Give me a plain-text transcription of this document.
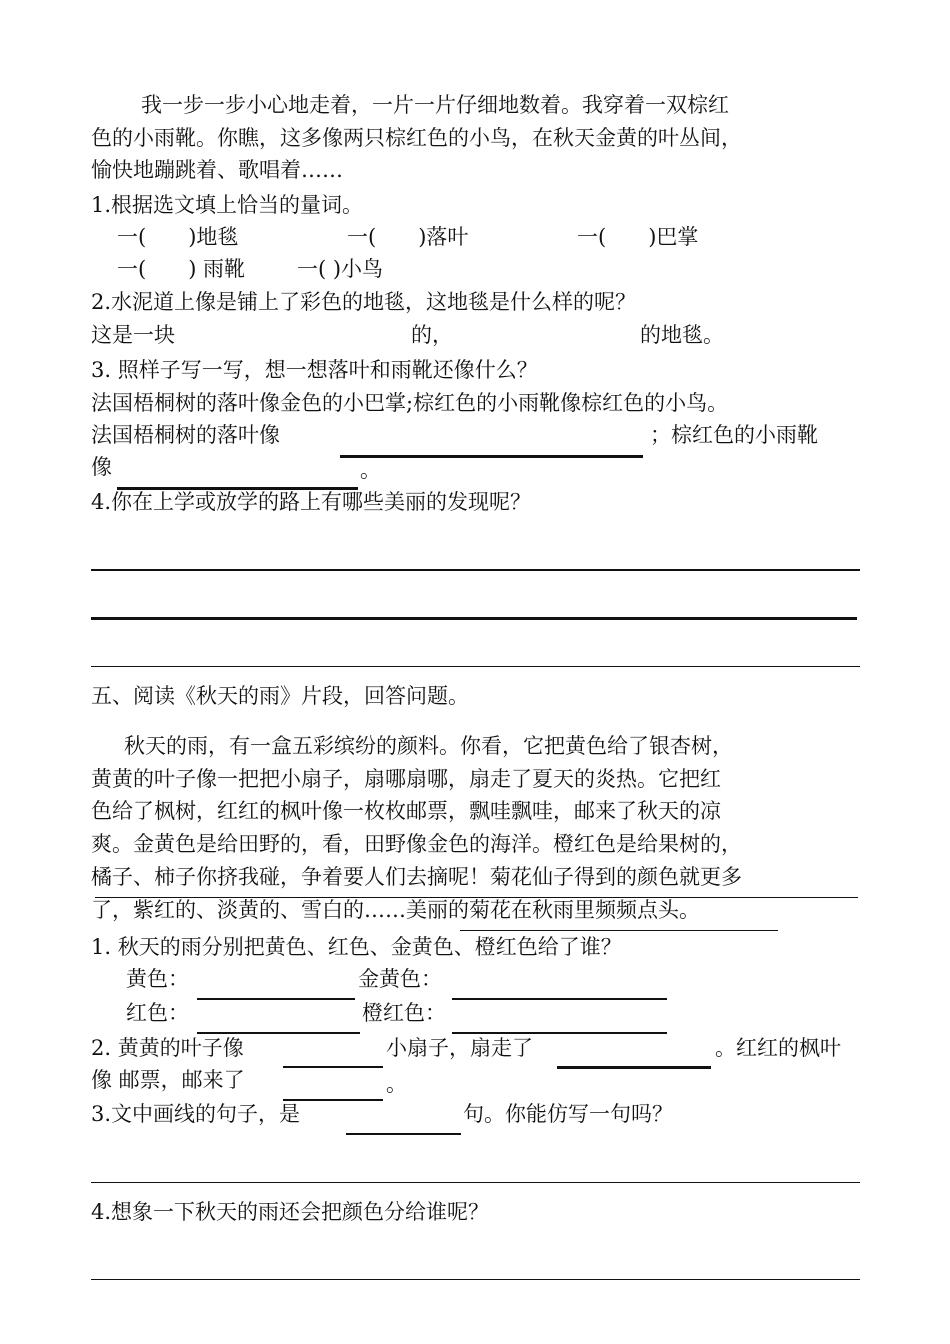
我一步一步小心地走着，一片一片仔细地数着。我穿着一双棕红
色的小雨靴。你瞧，这多像两只棕红色的小鸟，在秋天金黄的叶丛间，
愉快地蹦跳着、歌唱着……
1.根据选文填上恰当的量词。
一(　　)地毯	一(　　)落叶	一(　　)巴掌
一(　　) 雨靴 一( )小鸟
2.水泥道上像是铺上了彩色的地毯，这地毯是什么样的呢？
这是一块	的，	的地毯。
3. 照样子写一写，想一想落叶和雨靴还像什么？
法国梧桐树的落叶像金色的小巴掌;棕红色的小雨靴像棕红色的小鸟。
法国梧桐树的落叶像	；棕红色的小雨靴
像	。
4.你在上学或放学的路上有哪些美丽的发现呢？
五、阅读《秋天的雨》片段，回答问题。
秋天的雨，有一盒五彩缤纷的颜料。你看，它把黄色给了银杏树，
黄黄的叶子像一把把小扇子，扇哪扇哪，扇走了夏天的炎热。它把红
色给了枫树，红红的枫叶像一枚枚邮票，飘哇飘哇，邮来了秋天的凉
爽。金黄色是给田野的，看，田野像金色的海洋。橙红色是给果树的，
橘子、柿子你挤我碰，争着要人们去摘呢！菊花仙子得到的颜色就更多
了，紫红的、淡黄的、雪白的……美丽的菊花在秋雨里频频点头。
1. 秋天的雨分别把黄色、红色、金黄色、橙红色给了谁？
黄色：	金黄色：
红色：	橙红色：
2. 黄黄的叶子像	小扇子，扇走了	。红红的枫叶
像 邮票，邮来了	。
3.文中画线的句子，是	句。你能仿写一句吗？
4.想象一下秋天的雨还会把颜色分给谁呢？
